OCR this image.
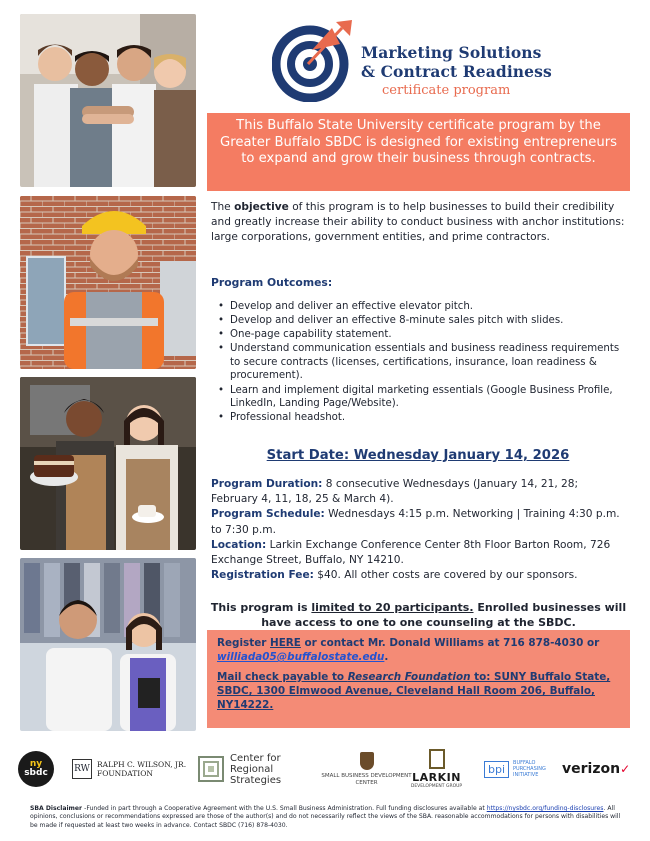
Marketing Solutions
& Contract Readiness
certificate program
This Buffalo State University certificate program by the Greater Buffalo SBDC is designed for existing entrepreneurs to expand and grow their business through contracts.
The objective of this program is to help businesses to build their credibility and greatly increase their ability to conduct business with anchor institutions: large corporations, government entities, and prime contractors.
Program Outcomes:
• Develop and deliver an effective elevator pitch.
• Develop and deliver an effective 8-minute sales pitch with slides.
• One-page capability statement.
• Understand communication essentials and business readiness requirements to secure contracts (licenses, certifications, insurance, loan readiness & procurement).
• Learn and implement digital marketing essentials (Google Business Profile, LinkedIn, Landing Page/Website).
• Professional headshot.
Start Date: Wednesday January 14, 2026
Program Duration: 8 consecutive Wednesdays (January 14, 21, 28; February 4, 11, 18, 25 & March 4).
Program Schedule: Wednesdays 4:15 p.m. Networking | Training 4:30 p.m. to 7:30 p.m.
Location: Larkin Exchange Conference Center 8th Floor Barton Room, 726 Exchange Street, Buffalo, NY 14210.
Registration Fee: $40. All other costs are covered by our sponsors.
This program is limited to 20 participants. Enrolled businesses will have access to one to one counseling at the SBDC.
Register HERE or contact Mr. Donald Williams at 716 878-4030 or williada05@buffalostate.edu.
Mail check payable to Research Foundation to: SUNY Buffalo State, SBDC, 1300 Elmwood Avenue, Cleveland Hall Room 206, Buffalo, NY14222.
ny
sbdc	RW RALPH C. WILSON, JR.
FOUNDATION
Center for
Regional
Strategies	SMALL BUSINESS DEVELOPMENT CENTER	LARKIN
DEVELOPMENT GROUP
bpi	BUFFALO PURCHASING INITIATIVE	verizon ✓
SBA Disclaimer -Funded in part through a Cooperative Agreement with the U.S. Small Business Administration. Full funding disclosures available at https://nysbdc.org/funding-disclosures. All opinions, conclusions or recommendations expressed are those of the author(s) and do not necessarily reflect the views of the SBA. reasonable accommodations for persons with disabilities will be made if requested at least two weeks in advance. Contact SBDC (716) 878-4030.
